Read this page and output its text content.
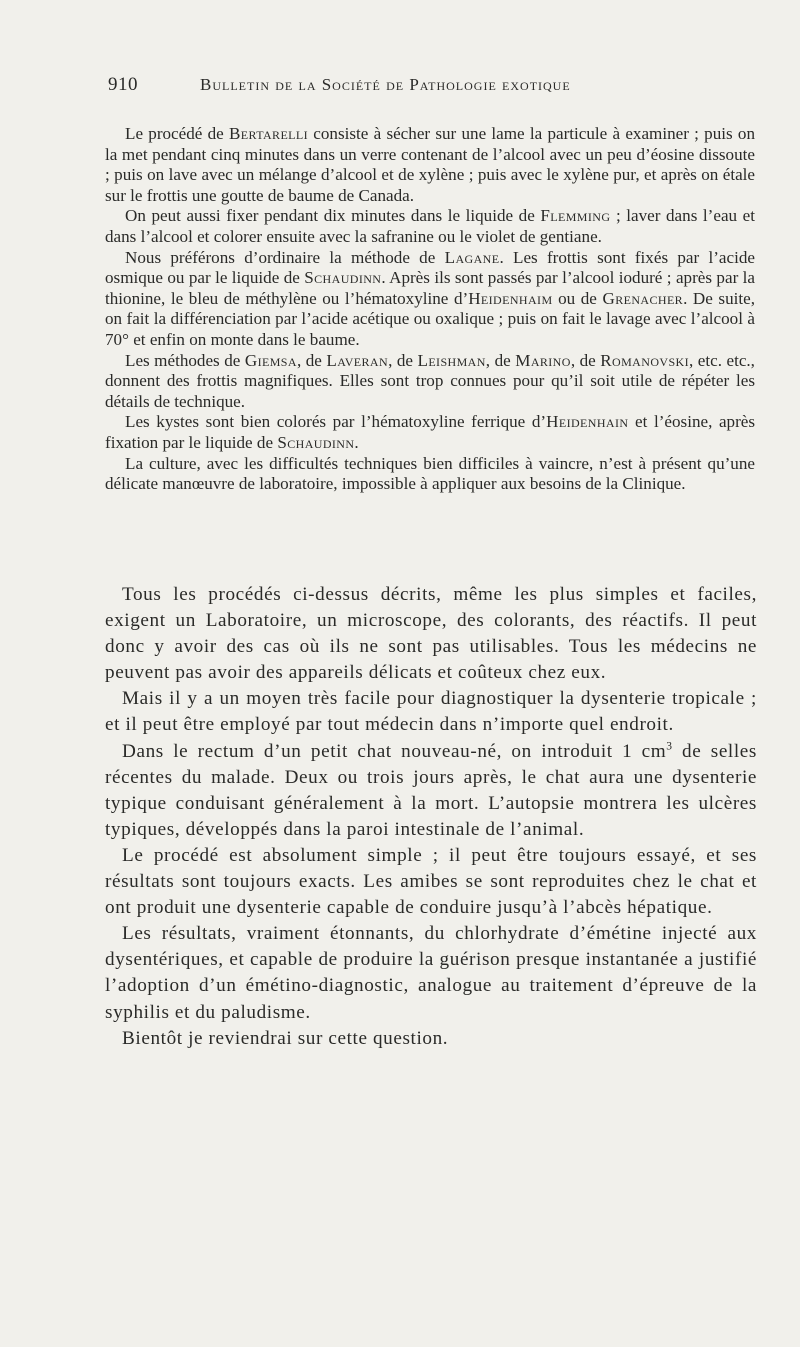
910	Bulletin de la Société de Pathologie exotique

Le procédé de Bertarelli consiste à sécher sur une lame la particule à examiner ; puis on la met pendant cinq minutes dans un verre contenant de l’alcool avec un peu d’éosine dissoute ; puis on lave avec un mélange d’alcool et de xylène ; puis avec le xylène pur, et après on étale sur le frottis une goutte de baume de Canada.

On peut aussi fixer pendant dix minutes dans le liquide de Flemming ; laver dans l’eau et dans l’alcool et colorer ensuite avec la safranine ou le violet de gentiane.

Nous préférons d’ordinaire la méthode de Lagane. Les frottis sont fixés par l’acide osmique ou par le liquide de Schaudinn. Après ils sont passés par l’alcool ioduré ; après par la thionine, le bleu de méthylène ou l’hématoxyline d’Heidenhaim ou de Grenacher. De suite, on fait la différenciation par l’acide acétique ou oxalique ; puis on fait le lavage avec l’alcool à 70° et enfin on monte dans le baume.

Les méthodes de Giemsa, de Laveran, de Leishman, de Marino, de Romanovski, etc. etc., donnent des frottis magnifiques. Elles sont trop connues pour qu’il soit utile de répéter les détails de technique.

Les kystes sont bien colorés par l’hématoxyline ferrique d’Heidenhain et l’éosine, après fixation par le liquide de Schaudinn.

La culture, avec les difficultés techniques bien difficiles à vaincre, n’est à présent qu’une délicate manœuvre de laboratoire, impossible à appliquer aux besoins de la Clinique.

Tous les procédés ci-dessus décrits, même les plus simples et faciles, exigent un Laboratoire, un microscope, des colorants, des réactifs. Il peut donc y avoir des cas où ils ne sont pas utilisables. Tous les médecins ne peuvent pas avoir des appareils délicats et coûteux chez eux.

Mais il y a un moyen très facile pour diagnostiquer la dysenterie tropicale ; et il peut être employé par tout médecin dans n’importe quel endroit.

Dans le rectum d’un petit chat nouveau-né, on introduit 1 $cm^3$ de selles récentes du malade. Deux ou trois jours après, le chat aura une dysenterie typique conduisant généralement à la mort. L’autopsie montrera les ulcères typiques, développés dans la paroi intestinale de l’animal.

Le procédé est absolument simple ; il peut être toujours essayé, et ses résultats sont toujours exacts. Les amibes se sont reproduites chez le chat et ont produit une dysenterie capable de conduire jusqu’à l’abcès hépatique.

Les résultats, vraiment étonnants, du chlorhydrate d’émétine injecté aux dysentériques, et capable de produire la guérison presque instantanée a justifié l’adoption d’un émétino-diagnostic, analogue au traitement d’épreuve de la syphilis et du paludisme.

Bientôt je reviendrai sur cette question.
